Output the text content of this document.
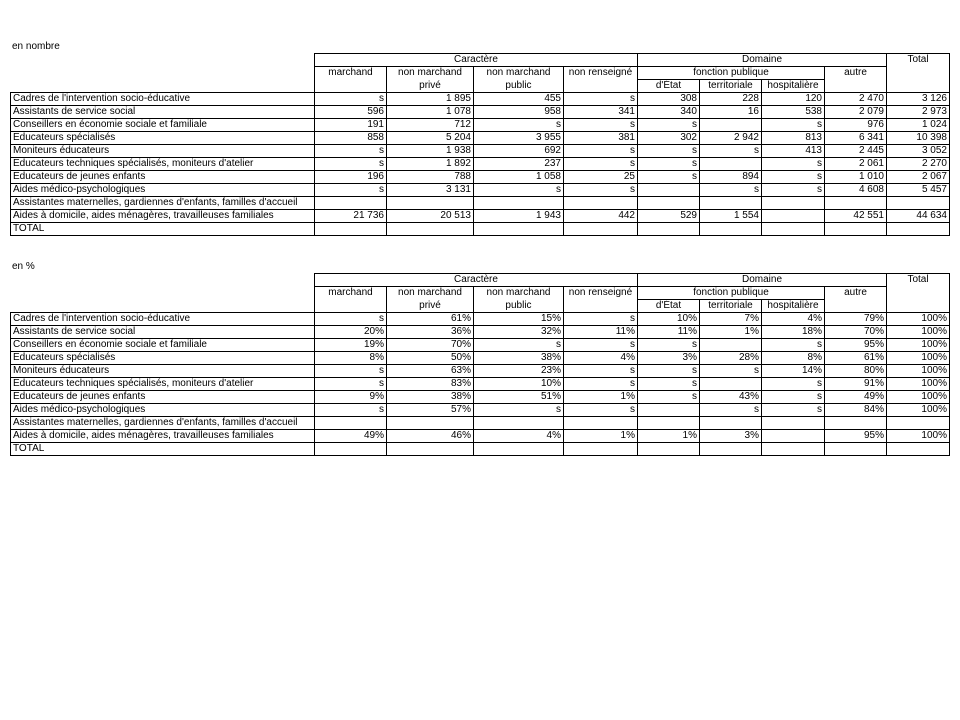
en nombre
	Caractère				Domaine				Total
	marchand	non marchand	non marchand	non renseigné	fonction publique			autre	
		privé	public		d'État	territoriale	hospitalière		
Cadres de l'intervention socio-éducative	s	1 895	455	s	308	228	120	2 470	3 126
Assistants de service social	596	1 078	958	341	340	16	538	2 079	2 973
Conseillers en économie sociale et familiale	191	712	s	s	s		s	976	1 024
Educateurs spécialisés	858	5 204	3 955	381	302	2 942	813	6 341	10 398
Moniteurs éducateurs	s	1 938	692	s	s	s	413	2 445	3 052
Educateurs techniques spécialisés, moniteurs d'atelier	s	1 892	237	s	s		s	2 061	2 270
Educateurs de jeunes enfants	196	788	1 058	25	s	894	s	1 010	2 067
Aides médico-psychologiques	s	3 131	s	s		s	s	4 608	5 457
Assistantes maternelles, gardiennes d'enfants, familles d'accueil									
Aides à domicile, aides ménagères, travailleuses familiales	21 736	20 513	1 943	442	529	1 554		42 551	44 634
TOTAL									
en %
	Caractère				Domaine				Total
	marchand	non marchand	non marchand	non renseigné	fonction publique			autre	
		privé	public		d'État	territoriale	hospitalière		
Cadres de l'intervention socio-éducative	s	61%	15%	s	10%	7%	4%	79%	100%
Assistants de service social	20%	36%	32%	11%	11%	1%	18%	70%	100%
Conseillers en économie sociale et familiale	19%	70%	s	s	s		s	95%	100%
Educateurs spécialisés	8%	50%	38%	4%	3%	28%	8%	61%	100%
Moniteurs éducateurs	s	63%	23%	s	s	s	14%	80%	100%
Educateurs techniques spécialisés, moniteurs d'atelier	s	83%	10%	s	s		s	91%	100%
Educateurs de jeunes enfants	9%	38%	51%	1%	s	43%	s	49%	100%
Aides médico-psychologiques	s	57%	s	s		s	s	84%	100%
Assistantes maternelles, gardiennes d'enfants, familles d'accueil									
Aides à domicile, aides ménagères, travailleuses familiales	49%	46%	4%	1%	1%	3%		95%	100%
TOTAL									
